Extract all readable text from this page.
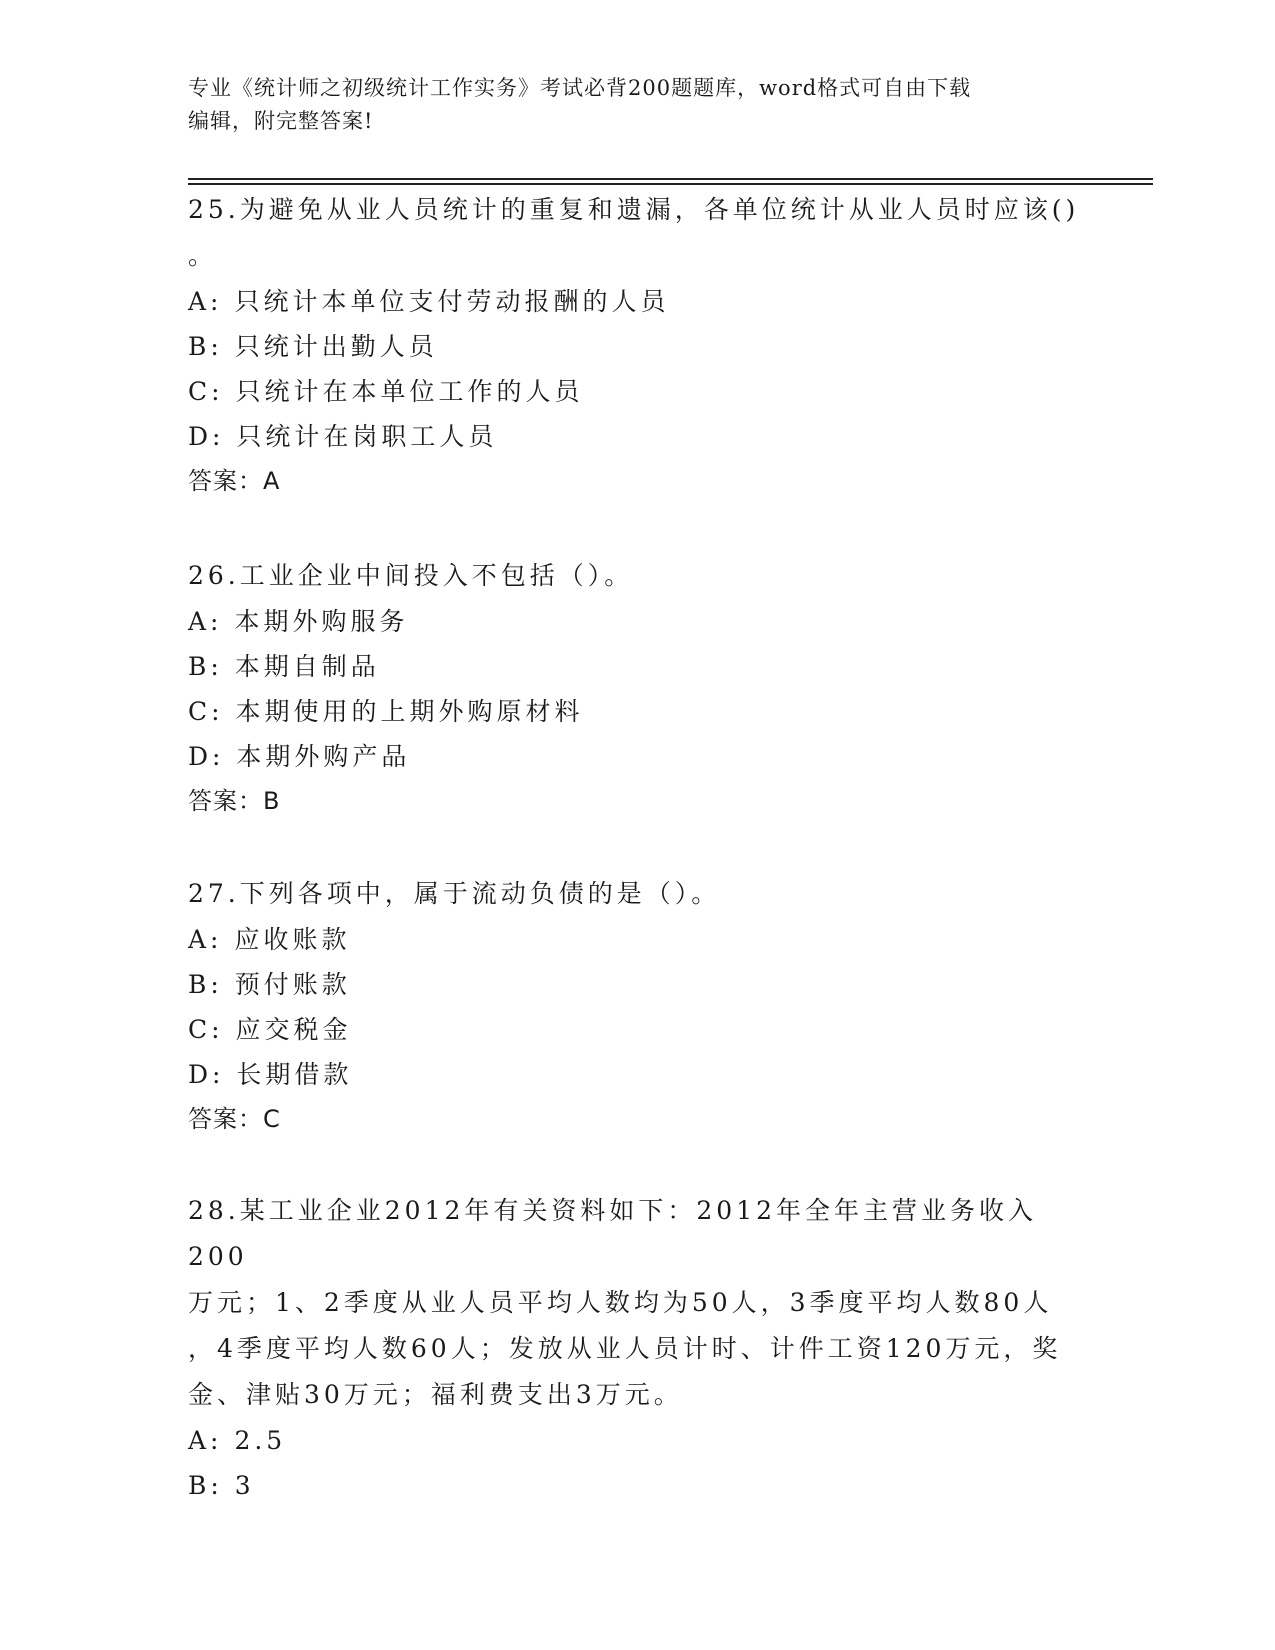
专业《统计师之初级统计工作实务》考试必背200题题库，word格式可自由下载
编辑，附完整答案!
25.为避免从业人员统计的重复和遗漏，各单位统计从业人员时应该()
。
A: 只统计本单位支付劳动报酬的人员
B: 只统计出勤人员
C: 只统计在本单位工作的人员
D: 只统计在岗职工人员
答案：A
26.工业企业中间投入不包括（）。
A: 本期外购服务
B: 本期自制品
C: 本期使用的上期外购原材料
D: 本期外购产品
答案：B
27.下列各项中，属于流动负债的是（）。
A: 应收账款
B: 预付账款
C: 应交税金
D: 长期借款
答案：C
28.某工业企业2012年有关资料如下：2012年全年主营业务收入200
万元；1、2季度从业人员平均人数均为50人，3季度平均人数80人
，4季度平均人数60人；发放从业人员计时、计件工资120万元，奖
金、津贴30万元；福利费支出3万元。
A: 2.5
B: 3
